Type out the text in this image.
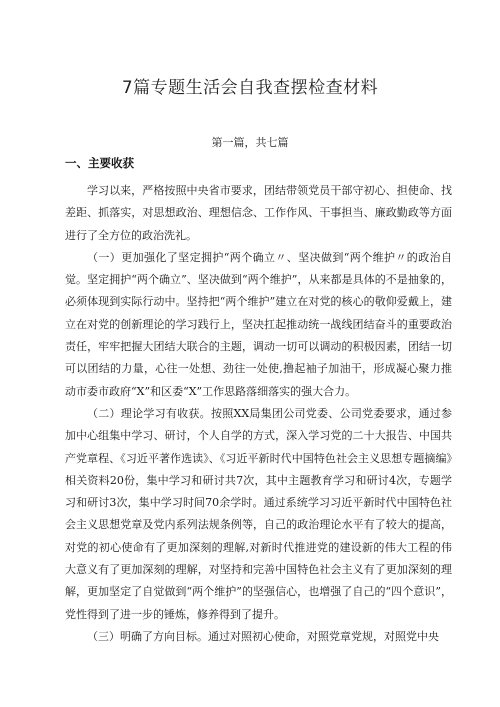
7篇专题生活会自我查摆检查材料
第一篇，共七篇
一、主要收获

学习以来，严格按照中央省市要求，团结带领党员干部守初心、担使命、找差距、抓落实，对思想政治、理想信念、工作作风、干事担当、廉政勤政等方面进行了全方位的政治洗礼。

（一）更加强化了坚定拥护“两个确立〃、坚决做到“两个维护〃的政治自觉。坚定拥护“两个确立”、坚决做到“两个维护”，从来都是具体的不是抽象的，必须体现到实际行动中。坚持把“两个维护”建立在对党的核心的敬仰爱戴上，建立在对党的创新理论的学习践行上，坚决扛起推动统一战线团结奋斗的重要政治责任，牢牢把握大团结大联合的主题，调动一切可以调动的积极因素，团结一切可以团结的力量，心往一处想、劲往一处使,撸起袖子加油干，形成凝心聚力推动市委市政府“X”和区委“X”工作思路落细落实的强大合力。

（二）理论学习有收获。按照XX局集团公司党委、公司党委要求，通过参加中心组集中学习、研讨，个人自学的方式，深入学习党的二十大报告、中国共产党章程、《习近平著作选读》、《习近平新时代中国特色社会主义思想专题摘编》相关资料20份，集中学习和研讨共7次，其中主题教育学习和研讨4次，专题学习和研讨3次，集中学习时间70余学时。通过系统学习习近平新时代中国特色社会主义思想党章及党内系列法规条例等，自己的政治理论水平有了较大的提高，对党的初心使命有了更加深刻的理解,对新时代推进党的建设新的伟大工程的伟大意义有了更加深刻的理解，对坚持和完善中国特色社会主义有了更加深刻的理解，更加坚定了自觉做到“两个维护”的坚强信心，也增强了自己的“四个意识”，党性得到了进一步的锤炼，修养得到了提升。

（三）明确了方向目标。通过对照初心使命，对照党章党规，对照党中央
